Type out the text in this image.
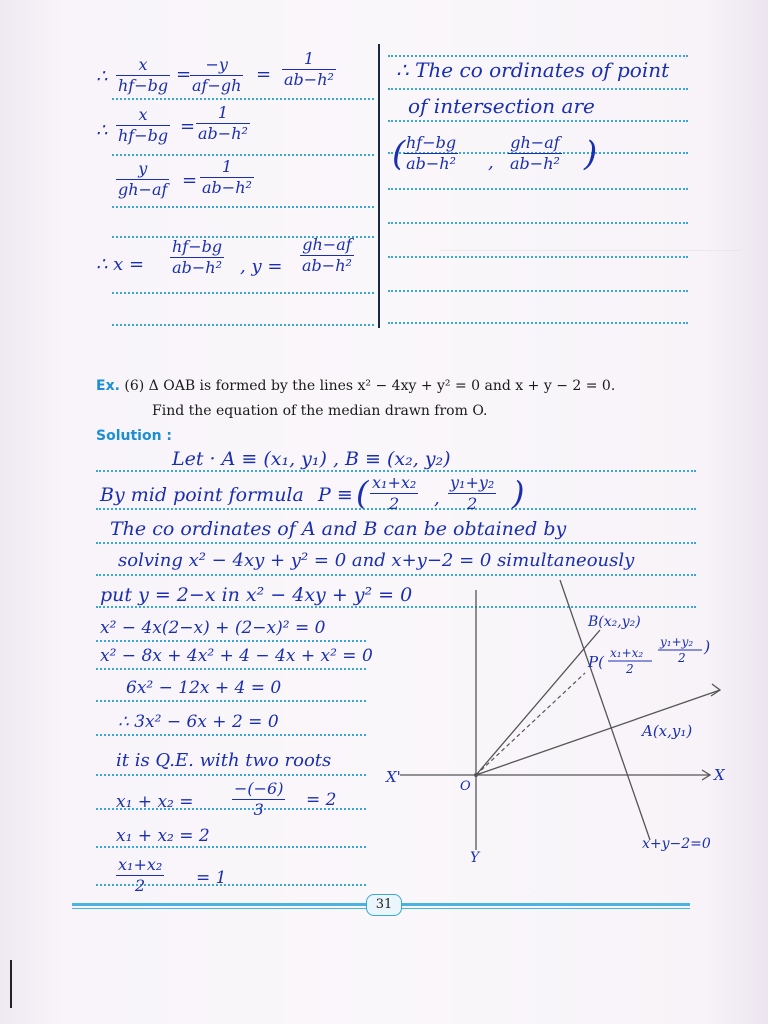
∴
x
hf−bg
= −y
af−gh
=
1
ab−h²
∴
x
hf−bg =
1
ab−h²
y
gh−af =
1
ab−h²
∴ x =
hf−bg
ab−h² , y =
gh−af
ab−h²
∴ The co ordinates of point
of intersection are
( hf−bg
ab−h² ,
gh−af
ab−h² )
Ex. (6) Δ OAB is formed by the lines x² − 4xy + y² = 0 and x + y − 2 = 0.
Find the equation of the median drawn from O.
Solution :
Let · A ≡ (x₁, y₁) , B ≡ (x₂, y₂)
By mid point formula P ≡ ( x₁+x₂
2 ,
y₁+y₂
2 )
The co ordinates of A and B can be obtained by
solving x² − 4xy + y² = 0 and x+y−2 = 0 simultaneously
put y = 2−x in x² − 4xy + y² = 0
x² − 4x(2−x) + (2−x)² = 0
x² − 8x + 4x² + 4 − 4x + x² = 0
6x² − 12x + 4 = 0
∴ 3x² − 6x + 2 = 0
it is Q.E. with two roots
x₁ + x₂ =
−(−6)
3 = 2
x₁ + x₂ = 2
x₁+x₂
2	= 1
B(x₂,y₂)
P( x₁+x₂
2
y₁+y₂
2
)
A(x,y₁)
X
X'
O
Y
x+y−2=0
31
